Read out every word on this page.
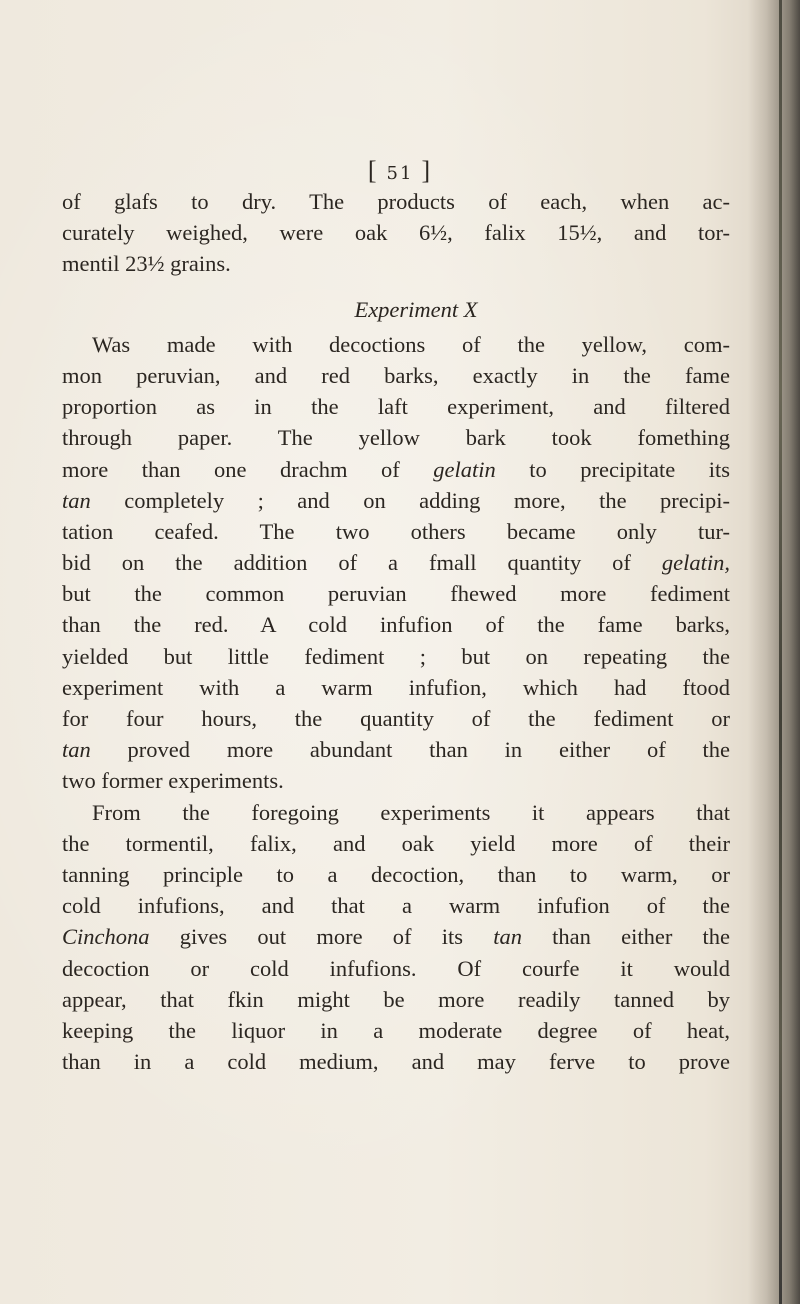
[ 51 ]
of glafs to dry. The products of each, when ac-
curately weighed, were oak 6½, falix 15½, and tor-
mentil 23½ grains.
Experiment X
Was made with decoctions of the yellow, com-
mon peruvian, and red barks, exactly in the fame
proportion as in the laft experiment, and filtered
through paper. The yellow bark took fomething
more than one drachm of gelatin to precipitate its
tan completely ; and on adding more, the precipi-
tation ceafed. The two others became only tur-
bid on the addition of a fmall quantity of gelatin,
but the common peruvian fhewed more fediment
than the red. A cold infufion of the fame barks,
yielded but little fediment ; but on repeating the
experiment with a warm infufion, which had ftood
for four hours, the quantity of the fediment or
tan proved more abundant than in either of the
two former experiments.
From the foregoing experiments it appears that
the tormentil, falix, and oak yield more of their
tanning principle to a decoction, than to warm, or
cold infufions, and that a warm infufion of the
Cinchona gives out more of its tan than either the
decoction or cold infufions. Of courfe it would
appear, that fkin might be more readily tanned by
keeping the liquor in a moderate degree of heat,
than in a cold medium, and may ferve to prove
